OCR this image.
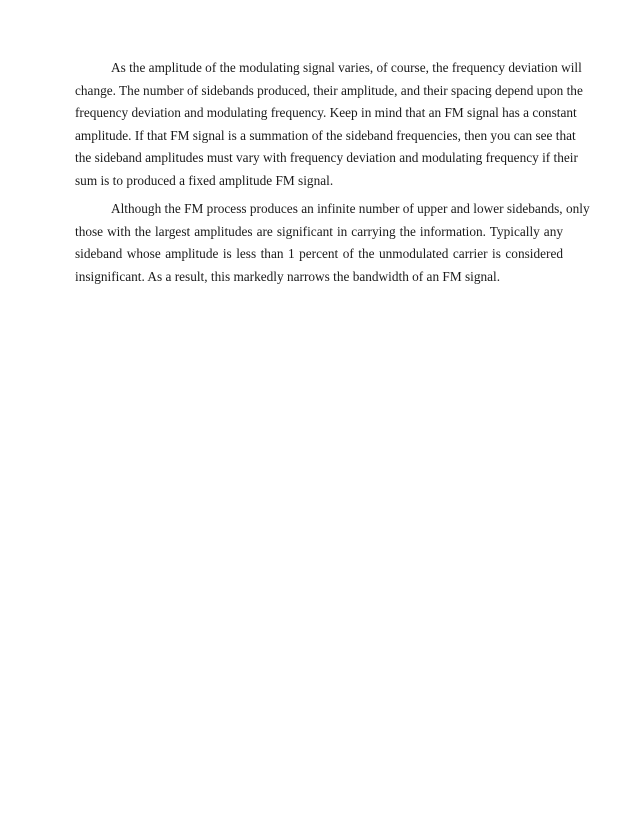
As the amplitude of the modulating signal varies, of course, the frequency deviation will
change. The number of sidebands produced, their amplitude, and their spacing depend upon the
frequency deviation and modulating frequency. Keep in mind that an FM signal has a constant
amplitude. If that FM signal is a summation of the sideband frequencies, then you can see that
the sideband amplitudes must vary with frequency deviation and modulating frequency if their
sum is to produced a fixed amplitude FM signal.
Although the FM process produces an infinite number of upper and lower sidebands, only
those with the largest amplitudes are significant in carrying the information. Typically any
sideband whose amplitude is less than 1 percent of the unmodulated carrier is considered
insignificant. As a result, this markedly narrows the bandwidth of an FM signal.
